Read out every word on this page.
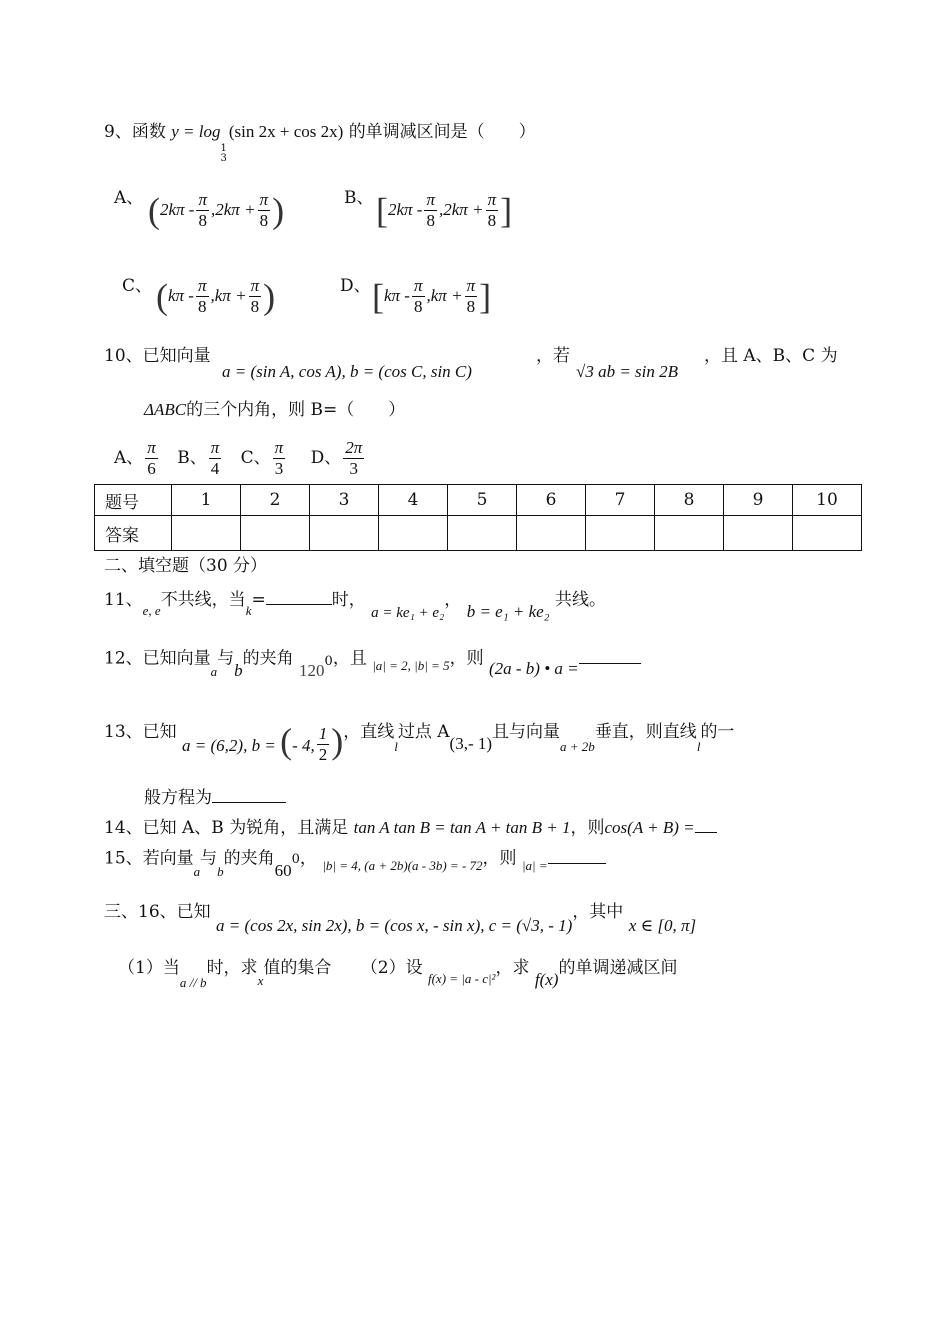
9、函数 y = log
1
3
(sin 2x + cos 2x) 的单调减区间是（　　）
A、 ($2k\pi - \frac{\pi}{8} ,2k\pi + \frac{\pi}{8}$ )	B、 [$2k\pi - \frac{\pi}{8} ,2k\pi + \frac{\pi}{8}$ ]
C、 ($k\pi - \frac{\pi}{8} ,k\pi + \frac{\pi}{8}$ )	D、 [$k\pi - \frac{\pi}{8} ,k\pi + \frac{\pi}{8}$ ]
10、已知向量
a = (sin A, cos A), b = (cos C, sin C)
，若
√3 ab = sin 2B
，且 A、B、C 为
ΔABC的三个内角，则 B=（　　）
A、 $\frac{\pi}{6}$ B、 $\frac{\pi}{4}$ C、 $\frac{\pi}{3}$ D、 $\frac{2\pi}{3}$
题号	1	2	3	4	5	6	7	8	9	10
答案										
二、填空题（30 分）
11、$_{e, e}$不共线，当$_k$=	时， a = ke₁ + e₂， b = e₁ + ke₂ 共线。
12、已知向量$_a$与b的夹角 $120^0$，且 $_{|a| = 2, |b| = 5}$，则 (2a - b) • a =
13、已知 a = (6,2), b = (- 4, $\frac{1}{2}$ )，直线$_l$过点 A(3,- 1)且与向量$_{a + 2b}$垂直，则直线$_l$的一
般方程为
14、已知 A、B 为锐角，且满足 tan A tan B = tan A + tan B + 1，则cos(A + B) =
15、若向量$_a$与$_b$的夹角$60^0$， $_{|b| = 4, (a + 2b)(a - 3b) = - 72}$，则 $_{|a| =}$
三、16、已知 a = (cos 2x, sin 2x), b = (cos x, - sin x), c = (√3, - 1)，其中 x ∈ [0, π]
（1）当$_{a // b}$时，求$_x$值的集合 （2）设 $_{f(x) = |a - c|^2}$，求 f(x)的单调递减区间
